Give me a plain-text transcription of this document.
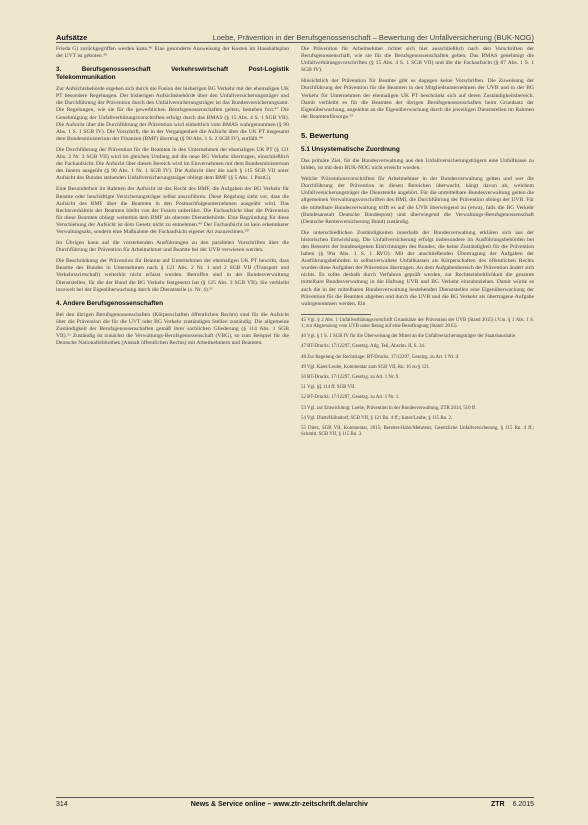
Aufsätze	Loebe, Prävention in der Berufsgenossenschaft – Bewertung der Unfallversicherung (BUK-NOG)

Frieda G) zurückgegriffen werden kann.⁴⁵ Eine gesonderte Ausweisung der Kosten im Haushaltsplan der UVT ist geboten.⁴⁶

3. Berufsgenossenschaft Verkehrswirtschaft Post-Logistik Telekommunikation

Zur Aufsichtsbehörde ergeben sich durch die Fusion der bisherigen BG Verkehr mit der ehemaligen UK PT besondere Regelungen. Der bisherigen Aufsichtsbehörde über den Unfallversicherungsträger und die Durchführung der Prävention durch den Unfallversicherungsträger ist das Bundesversicherungsamt. Die Regelungen, wie sie für die gewerblichen Berufsgenossenschaften gelten, bestehen fort.⁴⁷ Die Genehmigung der Unfallverhütungsvorschriften erfolgt durch das BMAS (§ 15 Abs. 4 S. 1 SGB VII). Die Aufsicht über die Durchführung der Prävention wird einheitlich vom BMAS wahrgenommen (§ 90 Abs. 1 S. 1 SGB IV). Die Vorschrift, die in der Vergangenheit die Aufsicht über die UK PT insgesamt dem Bundesministerium der Finanzen (BMF) übertrug (§ 90 Abs. 1 S. 2 SGB IV), entfällt.⁴⁸

Die Durchführung der Prävention für die Beamten in den Unternehmen der ehemaligen UK PT (§ 121 Abs. 2 Nr. 3 SGB VII) wird im gleichen Umfang auf die neue BG Verkehr übertragen, einschließlich der Fachaufsicht. Die Aufsicht über diesen Bereich wird im Einvernehmen mit dem Bundesministerium des Innern ausgeübt (§ 90 Abs. 1 Nr. 1 SGB IV). Die Aufsicht über die nach § 115 SGB VII unter Aufsicht des Bundes stehenden Unfallversicherungsträger obliegt dem BMF (§ 5 Abs. 1 PostG).

Eine Besonderheit im Rahmen der Aufsicht ist das Recht des BMF, die Aufgaben der BG Verkehr für Beamte oder beschäftigte Versicherungsträger selbst auszuführen. Diese Regelung sieht vor, dass die Aufsicht des BMF über die Beamten in den Postnachfolgeunternehmen ausgeübt wird. Das Rechtsverhältnis der Beamten bleibt von der Fusion unberührt. Die Fachaufsicht über die Prävention für diese Beamten obliegt weiterhin dem BMF als oberster Dienstbehörde. Eine Begründung für diese Verschiebung der Aufsicht ist dem Gesetz nicht zu entnehmen.⁴⁹ Der Fachaufsicht ist kein erkennbarer Verwaltungsakt, sondern eine Maßnahme der Fachaufsicht eigener Art zuzurechnen.⁵⁰

Im Übrigen kann auf die vorstehenden Ausführungen zu den parallelen Vorschriften über die Durchführung der Prävention für Arbeitnehmer und Beamte bei der UVB verwiesen werden.

Die Beschränkung der Prävention für Beamte auf Unternehmen der ehemaligen UK PT bewirkt, dass Beamte des Bundes in Unternehmen nach § 121 Abs. 2 Nr. 1 und 2 SGB VII (Transport und Verkehrswirtschaft) weiterhin nicht erfasst werden. Betroffen sind in der Bundesverwaltung Dienststellen, für die der Bund die BG Verkehr festgesetzt hat (§ 125 Abs. 3 SGB VII). Sie verbleibt insoweit bei der Eigenüberwachung durch die Dienststelle (s. Nr. 4).⁵¹

4. Andere Berufsgenossenschaften

Bei den übrigen Berufsgenossenschaften (Körperschaften öffentlichen Rechts) sind für die Aufsicht über die Prävention die für die UVT oder BG Verkehr zuständigen Stellen zuständig. Die allgemeine Zuständigkeit der Berufsgenossenschaften gemäß ihrer sachlichen Gliederung (§ 114 Abs. 1 SGB VII).⁵² Zuständig ist zunächst die Verwaltungs-Berufsgenossenschaft (VBG), so zum Beispiel für die Deutsche Nationalbibliothek (Anstalt öffentlichen Rechts) mit Arbeitnehmern und Beamten.

Die Prävention für Arbeitnehmer richtet sich hier ausschließlich nach den Vorschriften der Berufsgenossenschaft, wie sie für die Berufsgenossenschaften gelten. Das BMAS genehmigt die Unfallverhütungsvorschriften (§ 15 Abs. 4 S. 1 SGB VII) und übt die Fachaufsicht (§ 87 Abs. 1 S. 1 SGB IV).

Hinsichtlich der Prävention für Beamte gibt es dagegen keine Vorschriften. Die Zuweisung der Durchführung der Prävention für die Beamten in den Mitgliedsunternehmen der UVB und in der BG Verkehr für Unternehmen der ehemaligen UK PT beschränkt sich auf deren Zuständigkeitsbereich. Damit verbleibt es für die Beamten der übrigen Berufsgenossenschaften beim Grundsatz der Eigenüberwachung, angelehnt an die Eigenüberwachung durch die jeweiligen Dienststellen im Rahmen der Beamtenfürsorge.⁵³

5. Bewertung
5.1 Unsystematische Zuordnung

Das primäre Ziel, für die Bundesverwaltung aus den Unfallversicherungsträgern eine Unfallkasse zu bilden, ist mit dem BUK-NOG nicht erreicht worden.

Welche Präventionsvorschriften für Arbeitnehmer in der Bundesverwaltung gelten und wer die Durchführung der Prävention in diesen Bereichen überwacht, hängt davon ab, welchem Unfallversicherungsträger die Dienststelle angehört. Für die unmittelbare Bundesverwaltung gelten die allgemeinen Verwaltungsvorschriften des BMI, die Durchführung der Prävention obliegt der UVB. Für die mittelbare Bundesverwaltung trifft es auf die UVB überwiegend zu (etwa), falls die BG Verkehr (Bundesanstalt Deutsche Bundespost) und überwiegend die Verwaltungs-Berufsgenossenschaft (Deutsche Rentenversicherung Bund) zuständig.

Die unterschiedlichen Zuständigkeiten innerhalb der Bundesverwaltung erklären sich aus der historischen Entwicklung. Die Unfallversicherung erfolgt insbesondere im Ausführungsbehörden bei den Ressorts der bundeseigenen Einrichtungen des Bundes, die keine Zuständigkeit für die Prävention haben (§ 96a Abs. 1 S. 1 RVO). Mit der anschließenden Übertragung der Aufgaben der Ausführungsbehörden in selbstverwaltete Unfallkassen als Körperschaften des öffentlichen Rechts wurden diese Aufgaben der Prävention übertragen. An dem Aufgabenbereich der Prävention ändert sich nichts. Es sollte deshalb durch Verfahren geprüft werden, zur Rechtseinheitlichkeit die gesamte mittelbare Bundesverwaltung in die Haftung UVB und BG Verkehr einzubeziehen. Damit würde es auch die in der mittelbaren Bundesverwaltung bestehenden Dienststellen eine Eigenüberwachung der Prävention für die Beamten abgeben und durch die UVB und die BG Verkehr als übertragene Aufgabe wahrgenommen werden. Ein

45 Vgl. § 2 Abs. 1 Unfallverhütungsvorschrift Grundsätze der Prävention der UVB (Stand 2015) i.V.m. § 1 Abs. 1 S. 1; zur Abgrenzung vom UVB unter Bezug auf eine Beauftragung (Stand: 2015).

46 Vgl. § 1 S. 1 SGB IV für die Überweisung der Mittel an die Unfallversicherungsträger der Staatshaushalte.

47 BT-Drucks. 17/12297, Gesetzg. Allg. Teil, Abschn. II, S. 34.

48 Zur Regelung der Rechtslage: BT-Drucks. 17/12297, Gesetzg. zu Art. 1 Nr. 4.

49 Vgl. Kater/Leube, Kommentar zum SGB VII, Rn. 16 zu § 121.

50 BT-Drucks. 17/12297, Gesetzg. zu Art. 1 Nr. 9.

51 Vgl. §§ 114 ff. SGB VII.

52 BT-Drucks. 17/12297, Gesetzg. zu Art. 1 Nr. 1.

53 Vgl. zur Entwicklung: Loebe, Prävention in der Bundesverwaltung, ZTR 2014, 510 ff.

54 Vgl. Diem/Höhndorf, SGB VII, § 121 Rn. 4 ff.; Kater/Leube, § 115 Rn. 2.

55 Dietz, SGB VII, Kommentar, 2015; Bereiter-Hahn/Mehrtens, Gesetzliche Unfallversicherung, § 115 Rn. 4 ff.; Schmitt, SGB VII, § 115 Rn. 3.

314	News & Service online – www.ztr-zeitschrift.de/archiv	ZTR 6.2015
